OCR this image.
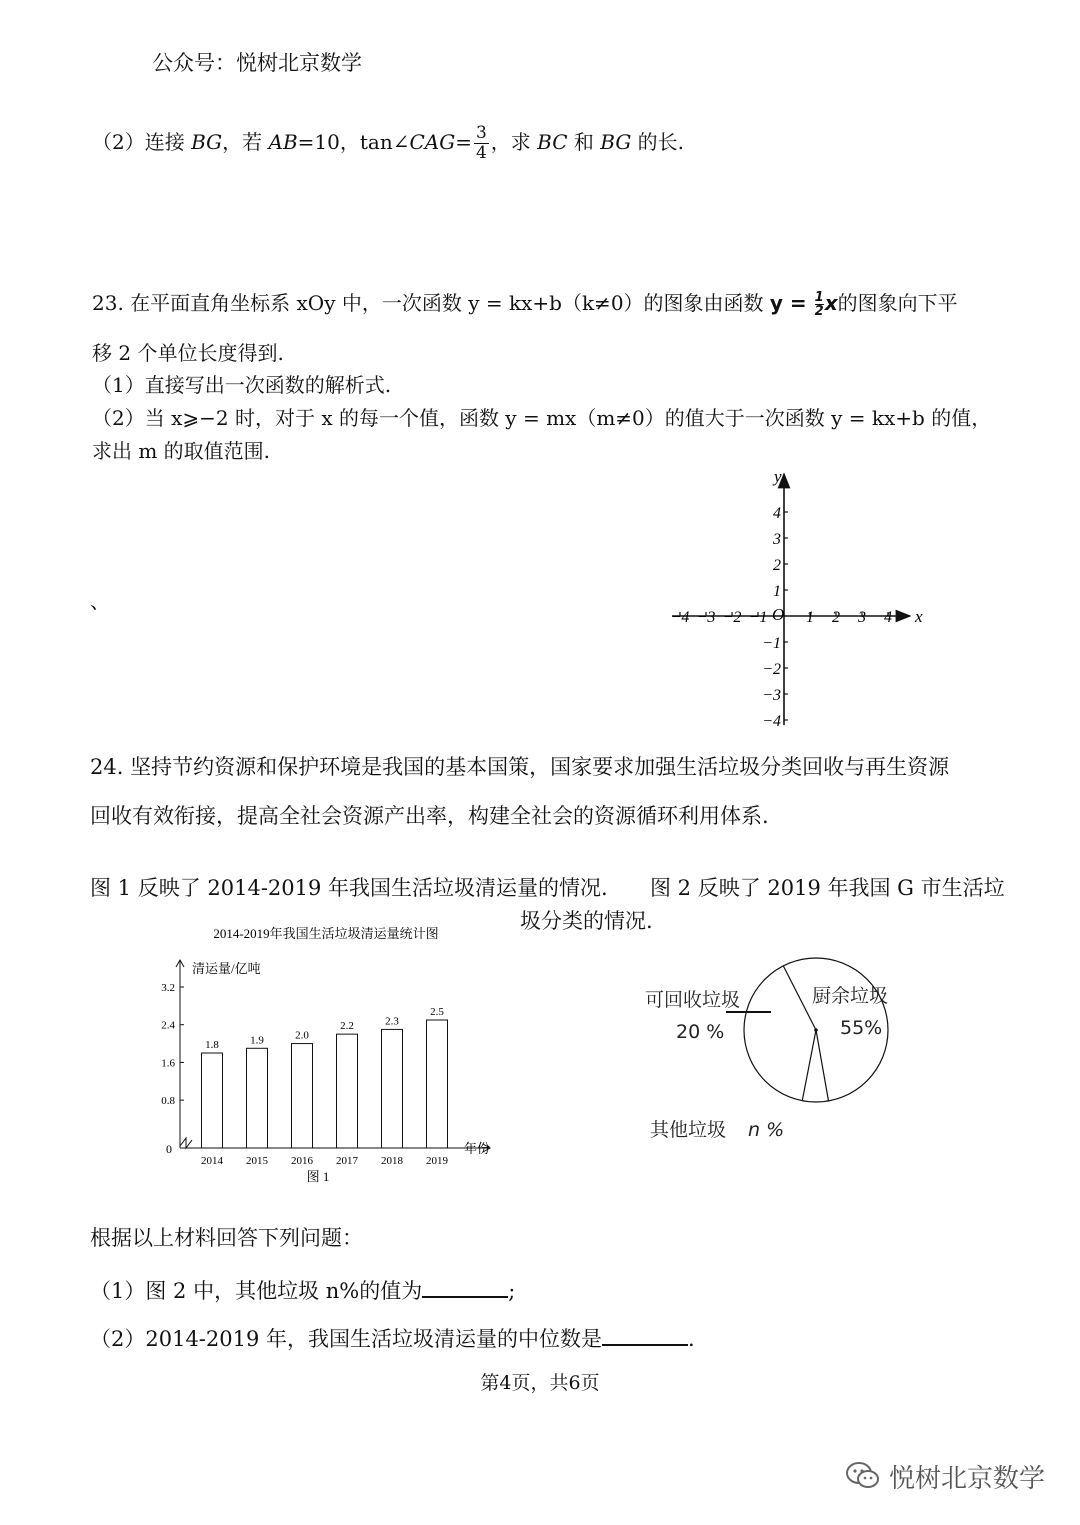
公众号：悦树北京数学
（2）连接 BG，若 AB=10，tan∠CAG= $\frac{3}{4}$ ，求 BC 和 BG 的长.
23. 在平面直角坐标系 xOy 中，一次函数 y = kx+b（k≠0）的图象由函数 $y = \frac{1}{2}$ x的图象向下平
移 2 个单位长度得到.
（1）直接写出一次函数的解析式.
（2）当 x⩾−2 时，对于 x 的每一个值，函数 y = mx（m≠0）的值大于一次函数 y = kx+b 的值，
求出 m 的取值范围.
、
−4 −3 −2 −1 1 2 3 4
4
3
2
1
−1
−2
−3
−4
x
y
O
24. 坚持节约资源和保护环境是我国的基本国策，国家要求加强生活垃圾分类回收与再生资源
回收有效衔接，提高全社会资源产出率，构建全社会的资源循环利用体系.
图 1 反映了 2014-2019 年我国生活垃圾清运量的情况. 图 2 反映了 2019 年我国 G 市生活垃
圾分类的情况.
2014-2019年我国生活垃圾清运量统计图
清运量/亿吨
0.8
1.6
2.4
3.2
1.8
2014
1.9
2015
2.0
2016
2.2
2017
2.3
2018
2.5
2019
年份
0
图 1
厨余垃圾
55%
可回收垃圾
20 %
其他垃圾 n %
根据以上材料回答下列问题：
（1）图 2 中，其他垃圾 n%的值为	;
（2）2014-2019 年，我国生活垃圾清运量的中位数是	.
第4页，共6页
悦树北京数学
